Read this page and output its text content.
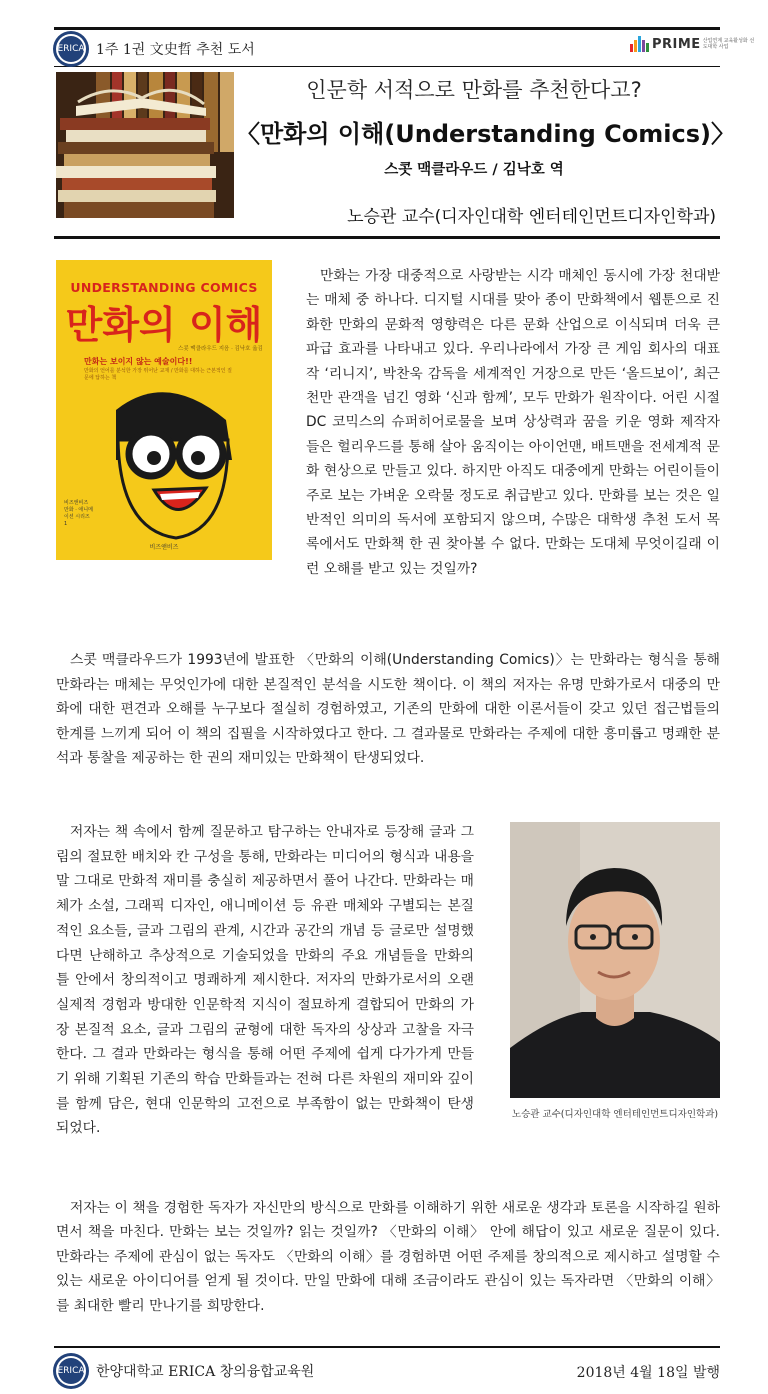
ERICA 1주 1권 文史哲 추천 도서	PRIME 산업연계 교육활성화 선도대학 사업
인문학 서적으로 만화를 추천한다고?
〈만화의 이해(Understanding Comics)〉
스콧 맥클라우드 / 김낙호 역
노승관 교수(디자인대학 엔터테인먼트디자인학과)
UNDERSTANDING COMICS
만화의 이해
스콧 맥클라우드 지음 · 김낙호 옮김
만화는 보이지 않는 예술이다!!
만화의 언어를 분석한 가장 뛰어난 교재 / 만화를 대하는 근본적인 질문에 답하는 책
비즈앤비즈 만화 · 애니메이션 시리즈 1
비즈앤비즈
만화는 가장 대중적으로 사랑받는 시각 매체인 동시에 가장 천대받는 매체 중 하나다. 디지털 시대를 맞아 종이 만화책에서 웹툰으로 진화한 만화의 문화적 영향력은 다른 문화 산업으로 이식되며 더욱 큰 파급 효과를 나타내고 있다. 우리나라에서 가장 큰 게임 회사의 대표작 ‘리니지’, 박찬욱 감독을 세계적인 거장으로 만든 ‘올드보이’, 최근 천만 관객을 넘긴 영화 ‘신과 함께’, 모두 만화가 원작이다. 어린 시절 DC 코믹스의 슈퍼히어로물을 보며 상상력과 꿈을 키운 영화 제작자들은 헐리우드를 통해 살아 움직이는 아이언맨, 배트맨을 전세계적 문화 현상으로 만들고 있다. 하지만 아직도 대중에게 만화는 어린이들이 주로 보는 가벼운 오락물 정도로 취급받고 있다. 만화를 보는 것은 일반적인 의미의 독서에 포함되지 않으며, 수많은 대학생 추천 도서 목록에서도 만화책 한 권 찾아볼 수 없다. 만화는 도대체 무엇이길래 이런 오해를 받고 있는 것일까?
스콧 맥클라우드가 1993년에 발표한 〈만화의 이해(Understanding Comics)〉는 만화라는 형식을 통해 만화라는 매체는 무엇인가에 대한 본질적인 분석을 시도한 책이다. 이 책의 저자는 유명 만화가로서 대중의 만화에 대한 편견과 오해를 누구보다 절실히 경험하였고, 기존의 만화에 대한 이론서들이 갖고 있던 접근법들의 한계를 느끼게 되어 이 책의 집필을 시작하였다고 한다. 그 결과물로 만화라는 주제에 대한 흥미롭고 명쾌한 분석과 통찰을 제공하는 한 권의 재미있는 만화책이 탄생되었다.
저자는 책 속에서 함께 질문하고 탐구하는 안내자로 등장해 글과 그림의 절묘한 배치와 칸 구성을 통해, 만화라는 미디어의 형식과 내용을 말 그대로 만화적 재미를 충실히 제공하면서 풀어 나간다. 만화라는 매체가 소설, 그래픽 디자인, 애니메이션 등 유관 매체와 구별되는 본질적인 요소들, 글과 그림의 관계, 시간과 공간의 개념 등 글로만 설명했다면 난해하고 추상적으로 기술되었을 만화의 주요 개념들을 만화의 틀 안에서 창의적이고 명쾌하게 제시한다. 저자의 만화가로서의 오랜 실제적 경험과 방대한 인문학적 지식이 절묘하게 결합되어 만화의 가장 본질적 요소, 글과 그림의 균형에 대한 독자의 상상과 고찰을 자극한다. 그 결과 만화라는 형식을 통해 어떤 주제에 쉽게 다가가게 만들기 위해 기획된 기존의 학습 만화들과는 전혀 다른 차원의 재미와 깊이를 함께 담은, 현대 인문학의 고전으로 부족함이 없는 만화책이 탄생 되었다.
노승관 교수(디자인대학 엔터테인먼트디자인학과)
저자는 이 책을 경험한 독자가 자신만의 방식으로 만화를 이해하기 위한 새로운 생각과 토론을 시작하길 원하면서 책을 마친다. 만화는 보는 것일까? 읽는 것일까? 〈만화의 이해〉 안에 해답이 있고 새로운 질문이 있다. 만화라는 주제에 관심이 없는 독자도 〈만화의 이해〉를 경험하면 어떤 주제를 창의적으로 제시하고 설명할 수 있는 새로운 아이디어를 얻게 될 것이다. 만일 만화에 대해 조금이라도 관심이 있는 독자라면 〈만화의 이해〉를 최대한 빨리 만나기를 희망한다.
ERICA 한양대학교 ERICA 창의융합교육원	2018년 4월 18일 발행
